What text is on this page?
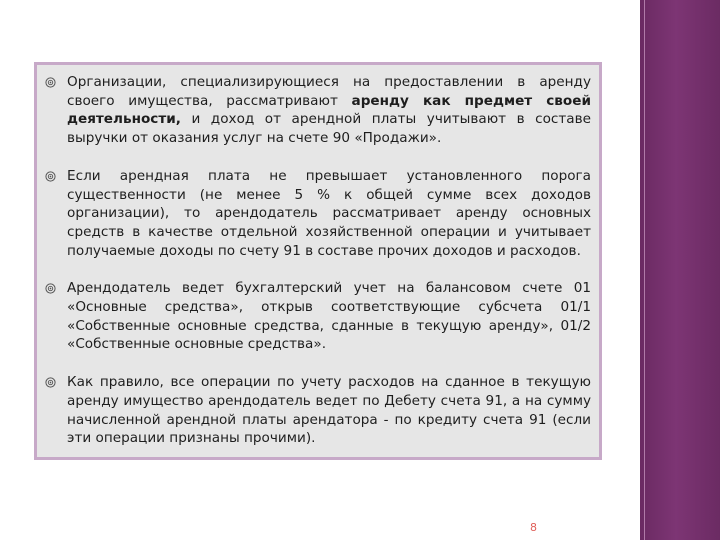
Организации, специализирующиеся на предоставлении в аренду своего имущества, рассматривают аренду как предмет своей деятельности, и доход от арендной платы учитывают в составе выручки от оказания услуг на счете 90 «Продажи».
Если арендная плата не превышает установленного порога существенности (не менее 5 % к общей сумме всех доходов организации), то арендодатель рассматривает аренду основных средств в качестве отдельной хозяйственной операции и учитывает получаемые доходы по счету 91 в составе прочих доходов и расходов.
Арендодатель ведет бухгалтерский учет на балансовом счете 01 «Основные средства», открыв соответствующие субсчета 01/1 «Собственные основные средства, сданные в текущую аренду», 01/2 «Собственные основные средства».
Как правило, все операции по учету расходов на сданное в текущую аренду имущество арендодатель ведет по Дебету счета 91, а на сумму начисленной арендной платы арендатора - по кредиту счета 91 (если эти операции признаны прочими).
8
